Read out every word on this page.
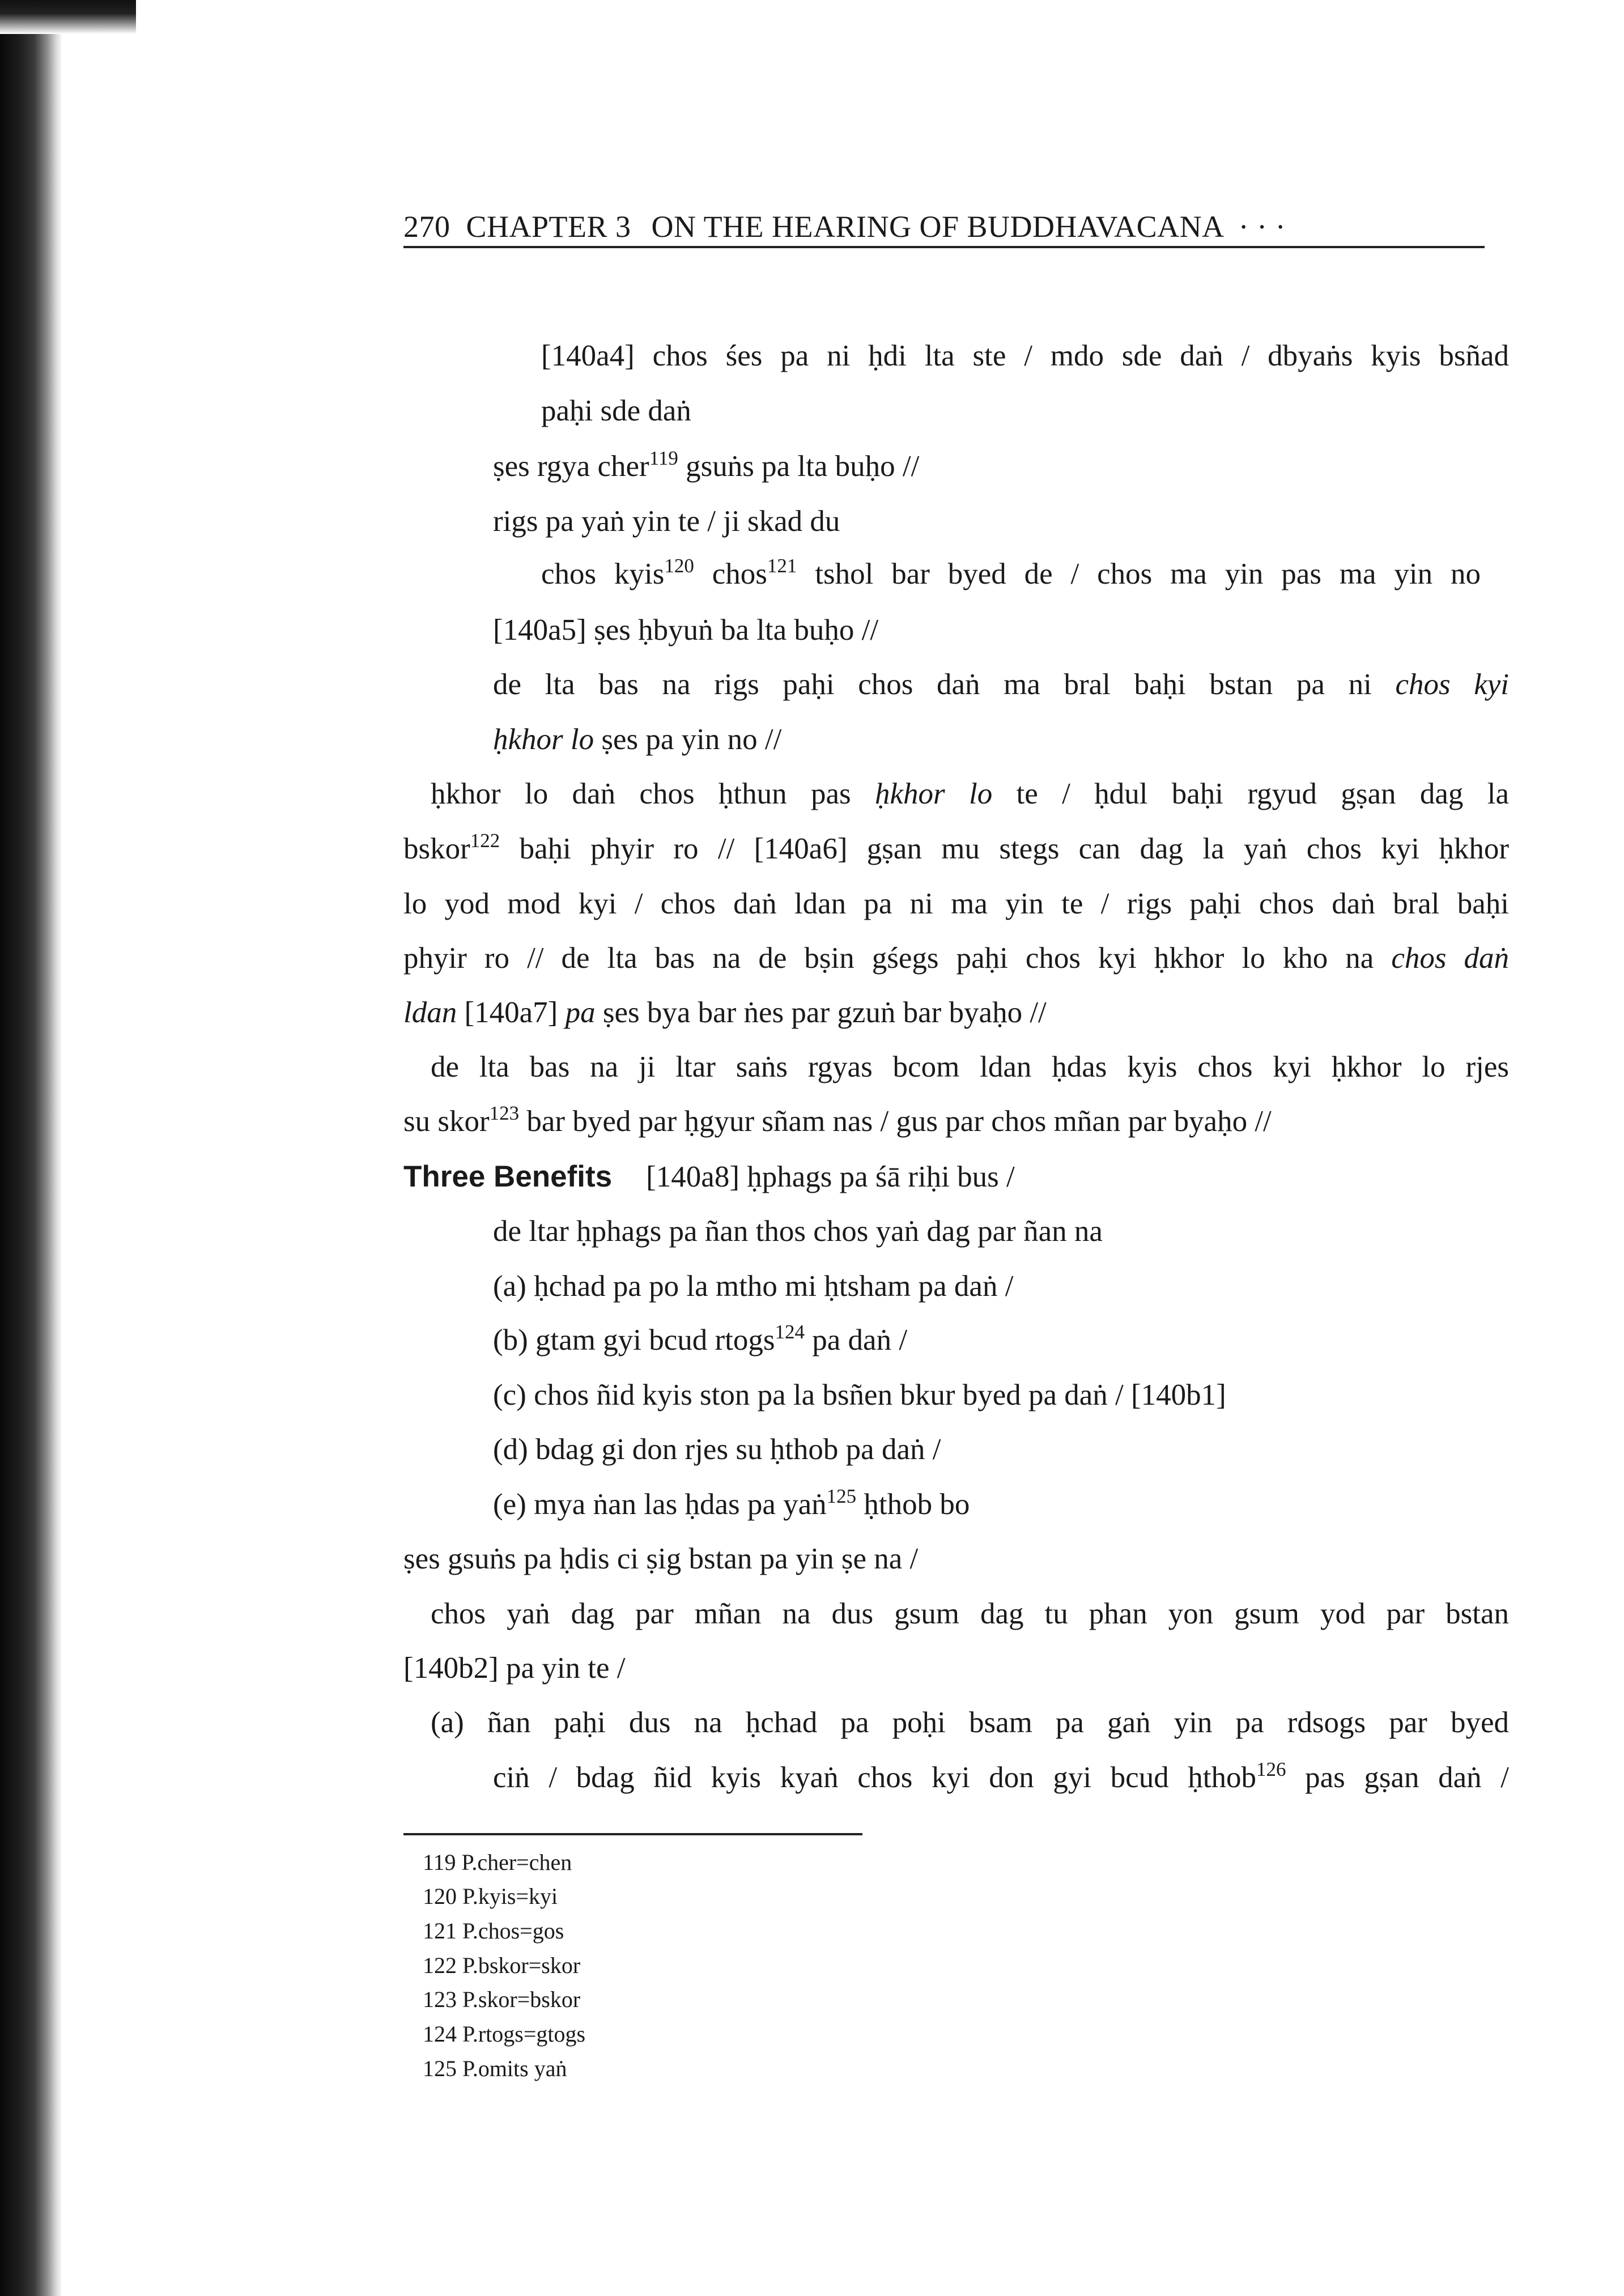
270 CHAPTER 3 ON THE HEARING OF BUDDHAVACANA · · ·
[140a4] chos śes pa ni ḥdi lta ste / mdo sde daṅ / dbyaṅs kyis bsñad
paḥi sde daṅ
ṣes rgya cher$^{119}$ gsuṅs pa lta buḥo //
rigs pa yaṅ yin te / ji skad du
chos kyis$^{120}$ chos$^{121}$ tshol bar byed de / chos ma yin pas ma yin no
[140a5] ṣes ḥbyuṅ ba lta buḥo //
de lta bas na rigs paḥi chos daṅ ma bral baḥi bstan pa ni chos kyi
ḥkhor lo ṣes pa yin no //
ḥkhor lo daṅ chos ḥthun pas ḥkhor lo te / ḥdul baḥi rgyud gṣan dag la
bskor$^{122}$ baḥi phyir ro // [140a6] gṣan mu stegs can dag la yaṅ chos kyi ḥkhor
lo yod mod kyi / chos daṅ ldan pa ni ma yin te / rigs paḥi chos daṅ bral baḥi
phyir ro // de lta bas na de bṣin gśegs paḥi chos kyi ḥkhor lo kho na chos daṅ
ldan [140a7] pa ṣes bya bar ṅes par gzuṅ bar byaḥo //
de lta bas na ji ltar saṅs rgyas bcom ldan ḥdas kyis chos kyi ḥkhor lo rjes
su skor$^{123}$ bar byed par ḥgyur sñam nas / gus par chos mñan par byaḥo //
Three Benefits [140a8] ḥphags pa śā riḥi bus /
de ltar ḥphags pa ñan thos chos yaṅ dag par ñan na
(a) ḥchad pa po la mtho mi ḥtsham pa daṅ /
(b) gtam gyi bcud rtogs$^{124}$ pa daṅ /
(c) chos ñid kyis ston pa la bsñen bkur byed pa daṅ / [140b1]
(d) bdag gi don rjes su ḥthob pa daṅ /
(e) mya ṅan las ḥdas pa yaṅ$^{125}$ ḥthob bo
ṣes gsuṅs pa ḥdis ci ṣig bstan pa yin ṣe na /
chos yaṅ dag par mñan na dus gsum dag tu phan yon gsum yod par bstan
[140b2] pa yin te /
(a) ñan paḥi dus na ḥchad pa poḥi bsam pa gaṅ yin pa rdsogs par byed
ciṅ / bdag ñid kyis kyaṅ chos kyi don gyi bcud ḥthob$^{126}$ pas gṣan daṅ /
119 P.cher=chen
120 P.kyis=kyi
121 P.chos=gos
122 P.bskor=skor
123 P.skor=bskor
124 P.rtogs=gtogs
125 P.omits yaṅ
